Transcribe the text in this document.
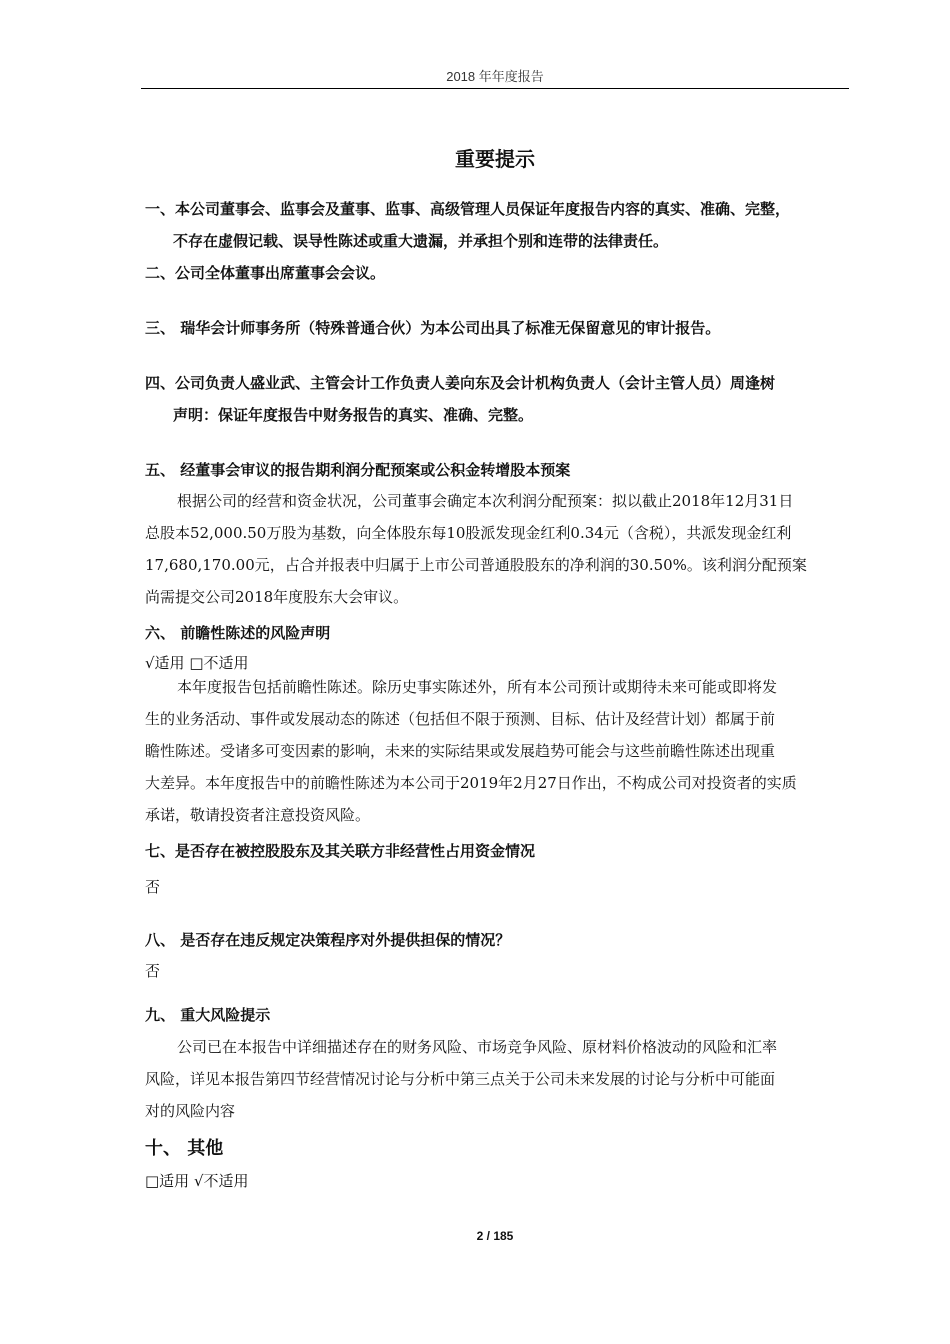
2018 年年度报告
重要提示
一、本公司董事会、监事会及董事、监事、高级管理人员保证年度报告内容的真实、准确、完整，
不存在虚假记载、误导性陈述或重大遗漏，并承担个别和连带的法律责任。
二、公司全体董事出席董事会会议。
三、 瑞华会计师事务所（特殊普通合伙）为本公司出具了标准无保留意见的审计报告。
四、公司负责人盛业武、主管会计工作负责人姜向东及会计机构负责人（会计主管人员）周逢树
声明：保证年度报告中财务报告的真实、准确、完整。
五、 经董事会审议的报告期利润分配预案或公积金转增股本预案
根据公司的经营和资金状况，公司董事会确定本次利润分配预案：拟以截止2018年12月31日
总股本52,000.50万股为基数，向全体股东每10股派发现金红利0.34元（含税），共派发现金红利
17,680,170.00元，占合并报表中归属于上市公司普通股股东的净利润的30.50%。该利润分配预案
尚需提交公司2018年度股东大会审议。
六、 前瞻性陈述的风险声明
√适用 □不适用
本年度报告包括前瞻性陈述。除历史事实陈述外，所有本公司预计或期待未来可能或即将发
生的业务活动、事件或发展动态的陈述（包括但不限于预测、目标、估计及经营计划）都属于前
瞻性陈述。受诸多可变因素的影响，未来的实际结果或发展趋势可能会与这些前瞻性陈述出现重
大差异。本年度报告中的前瞻性陈述为本公司于2019年2月27日作出，不构成公司对投资者的实质
承诺，敬请投资者注意投资风险。
七、是否存在被控股股东及其关联方非经营性占用资金情况
否
八、 是否存在违反规定决策程序对外提供担保的情况？
否
九、 重大风险提示
公司已在本报告中详细描述存在的财务风险、市场竞争风险、原材料价格波动的风险和汇率
风险，详见本报告第四节经营情况讨论与分析中第三点关于公司未来发展的讨论与分析中可能面
对的风险内容
十、 其他
□适用 √不适用
2 / 185
